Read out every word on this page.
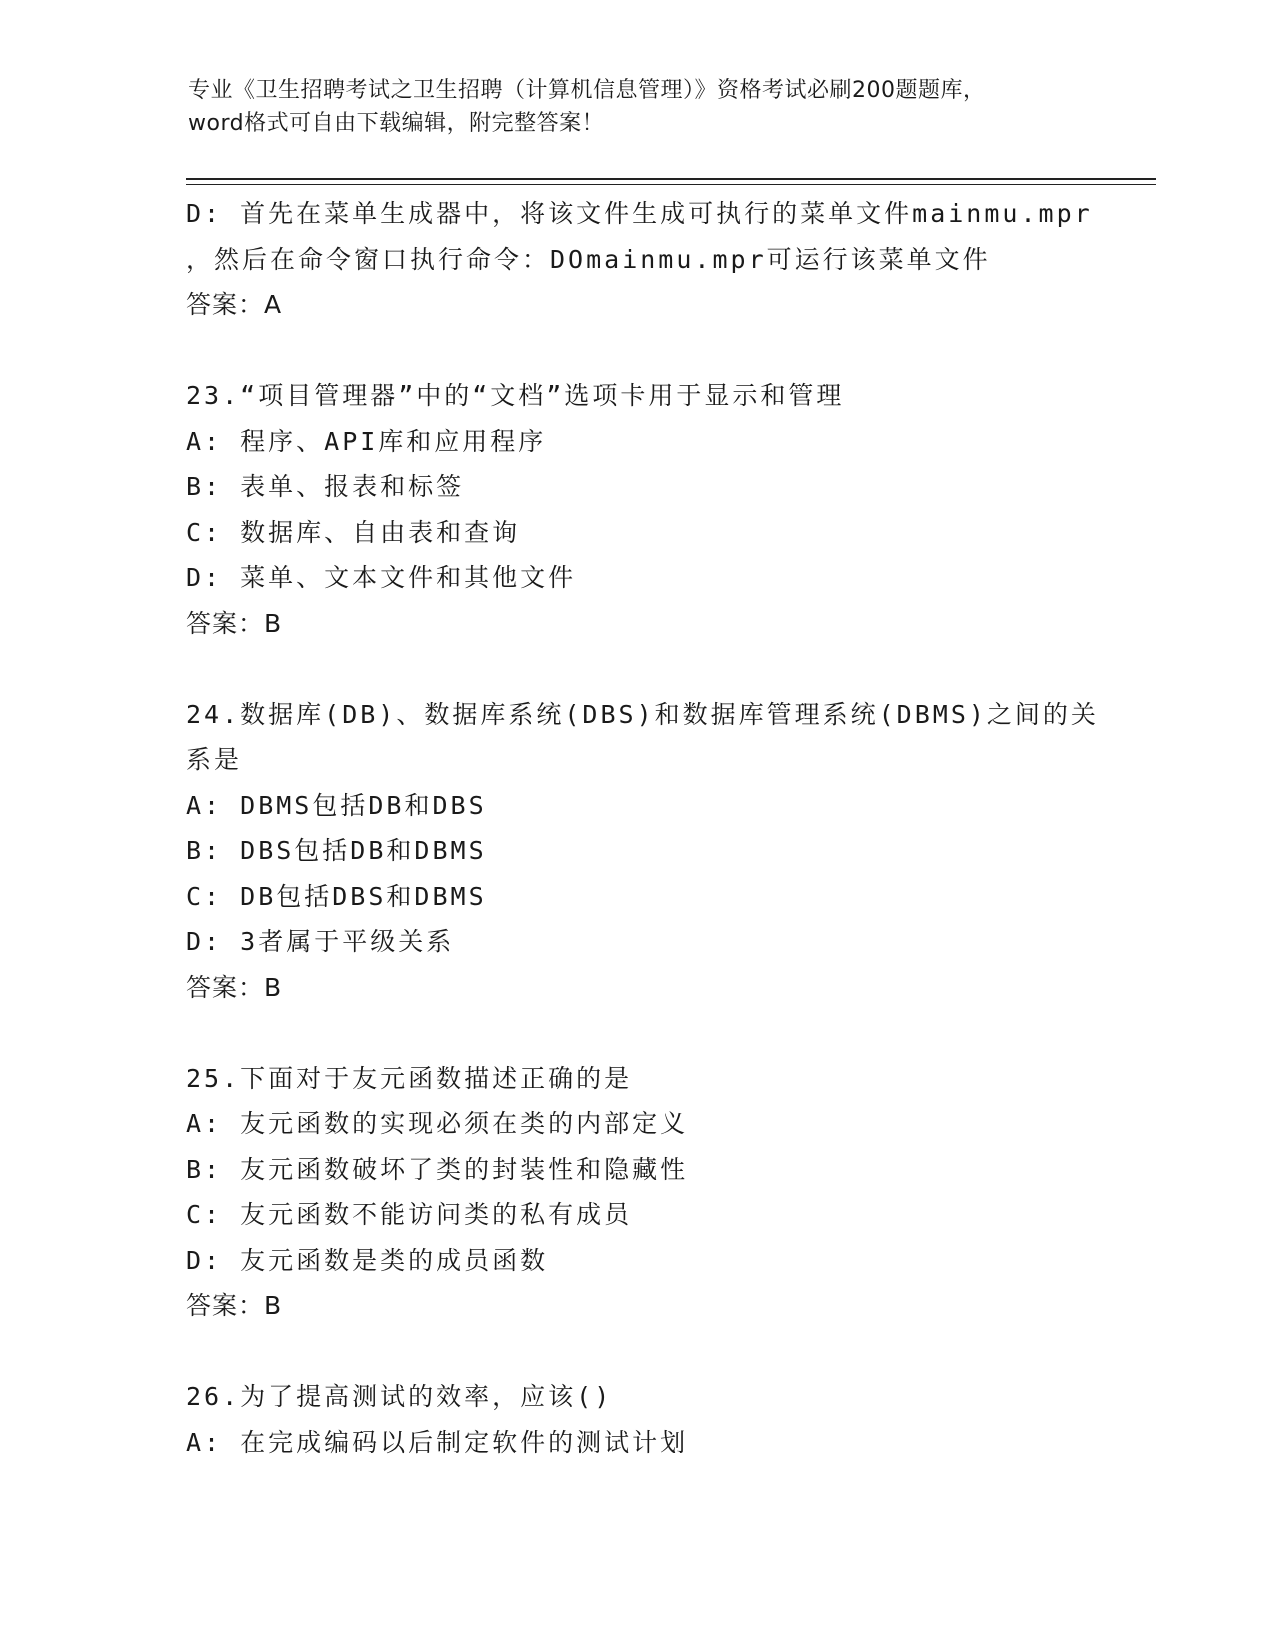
专业《卫生招聘考试之卫生招聘（计算机信息管理）》资格考试必刷200题题库，
word格式可自由下载编辑，附完整答案！
D: 首先在菜单生成器中，将该文件生成可执行的菜单文件mainmu.mpr
，然后在命令窗口执行命令：DOmainmu.mpr可运行该菜单文件
答案：A
23.“项目管理器”中的“文档”选项卡用于显示和管理
A: 程序、API库和应用程序
B: 表单、报表和标签
C: 数据库、自由表和查询
D: 菜单、文本文件和其他文件
答案：B
24.数据库(DB)、数据库系统(DBS)和数据库管理系统(DBMS)之间的关
系是
A: DBMS包括DB和DBS
B: DBS包括DB和DBMS
C: DB包括DBS和DBMS
D: 3者属于平级关系
答案：B
25.下面对于友元函数描述正确的是
A: 友元函数的实现必须在类的内部定义
B: 友元函数破坏了类的封装性和隐藏性
C: 友元函数不能访问类的私有成员
D: 友元函数是类的成员函数
答案：B
26.为了提高测试的效率，应该()
A: 在完成编码以后制定软件的测试计划
